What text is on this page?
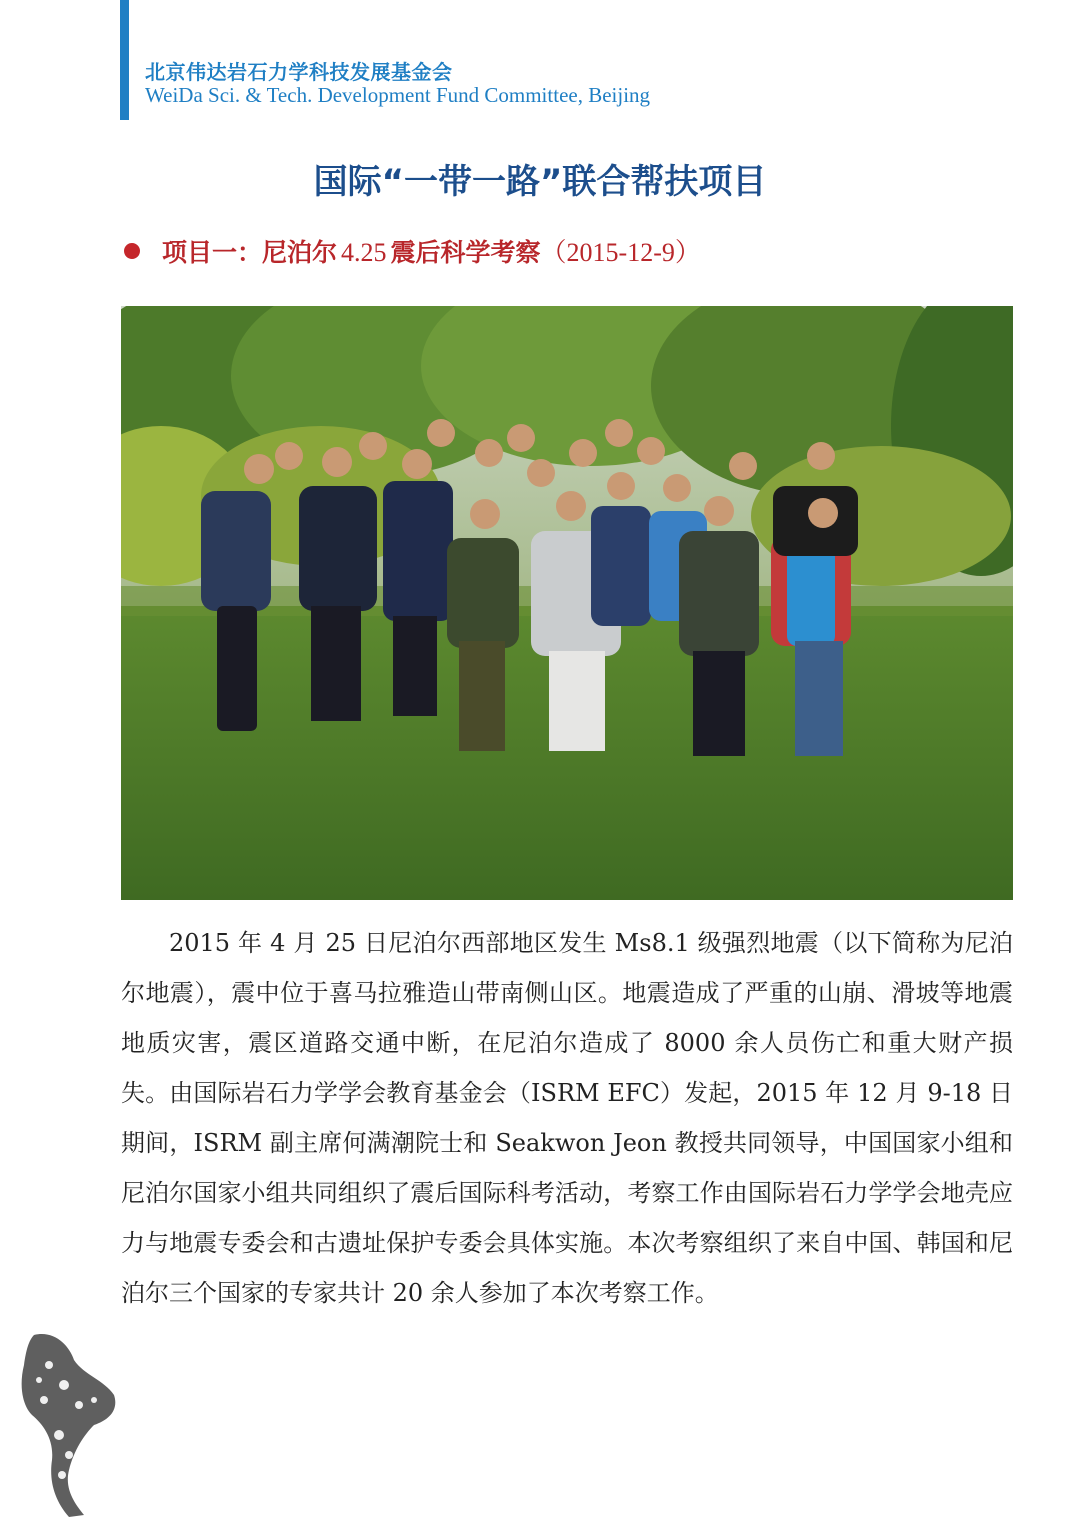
北京伟达岩石力学科技发展基金会
WeiDa Sci. & Tech. Development Fund Committee, Beijing
国际“一带一路”联合帮扶项目
项目一：尼泊尔 4.25 震后科学考察（2015-12-9）
2015 年 4 月 25 日尼泊尔西部地区发生 Ms8.1 级强烈地震（以下简称为尼泊尔地震），震中位于喜马拉雅造山带南侧山区。地震造成了严重的山崩、滑坡等地震地质灾害，震区道路交通中断，在尼泊尔造成了 8000 余人员伤亡和重大财产损失。由国际岩石力学学会教育基金会（ISRM EFC）发起，2015 年 12 月 9-18 日期间，ISRM 副主席何满潮院士和 Seakwon Jeon 教授共同领导，中国国家小组和尼泊尔国家小组共同组织了震后国际科考活动，考察工作由国际岩石力学学会地壳应力与地震专委会和古遗址保护专委会具体实施。本次考察组织了来自中国、韩国和尼泊尔三个国家的专家共计 20 余人参加了本次考察工作。
